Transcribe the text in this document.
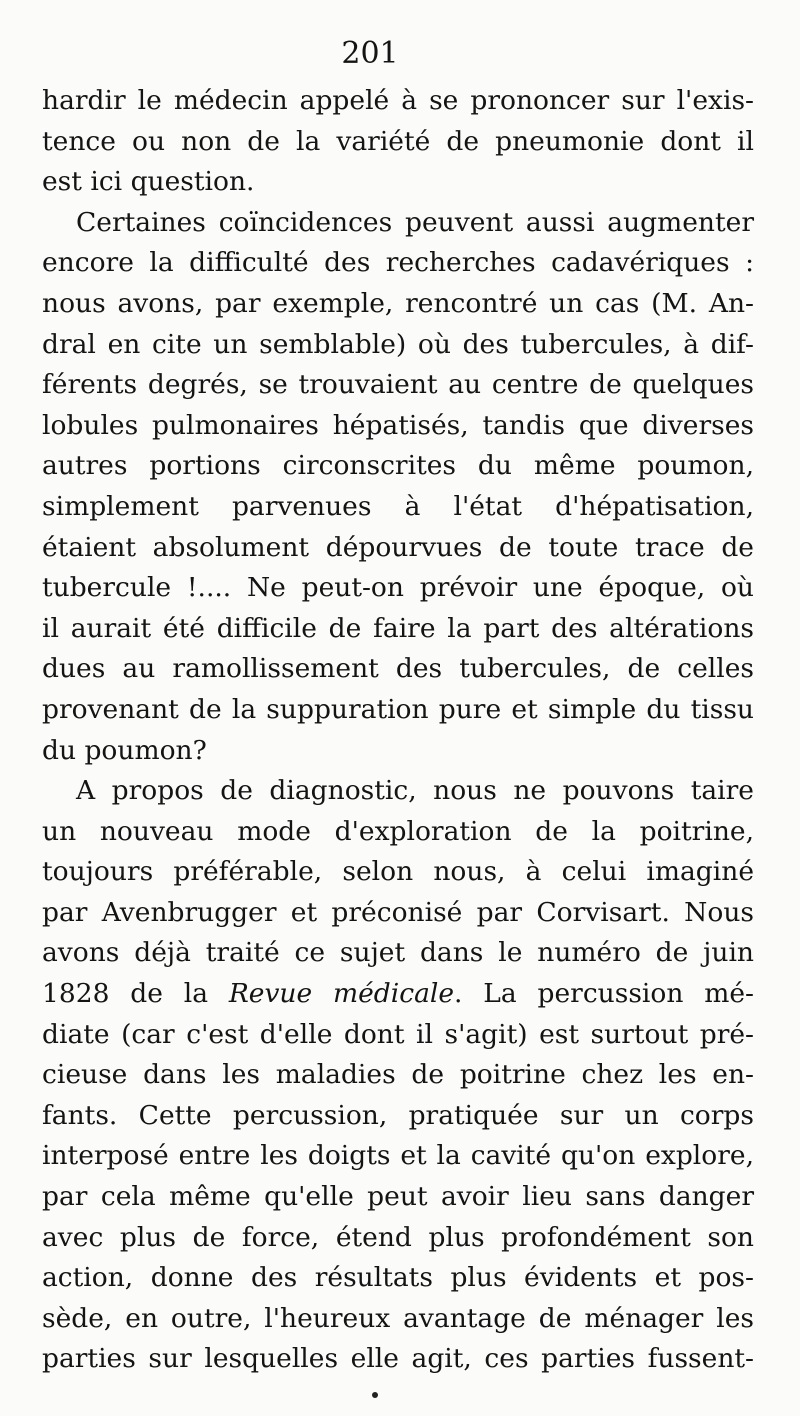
201
hardir le médecin appelé à se prononcer sur l'exis-
tence ou non de la variété de pneumonie dont il
est ici question.
Certaines coïncidences peuvent aussi augmenter
encore la difficulté des recherches cadavériques :
nous avons, par exemple, rencontré un cas (M. An-
dral en cite un semblable) où des tubercules, à dif-
férents degrés, se trouvaient au centre de quelques
lobules pulmonaires hépatisés, tandis que diverses
autres portions circonscrites du même poumon,
simplement parvenues à l'état d'hépatisation,
étaient absolument dépourvues de toute trace de
tubercule !.... Ne peut-on prévoir une époque, où
il aurait été difficile de faire la part des altérations
dues au ramollissement des tubercules, de celles
provenant de la suppuration pure et simple du tissu
du poumon?
A propos de diagnostic, nous ne pouvons taire
un nouveau mode d'exploration de la poitrine,
toujours préférable, selon nous, à celui imaginé
par Avenbrugger et préconisé par Corvisart. Nous
avons déjà traité ce sujet dans le numéro de juin
1828 de la Revue médicale. La percussion mé-
diate (car c'est d'elle dont il s'agit) est surtout pré-
cieuse dans les maladies de poitrine chez les en-
fants. Cette percussion, pratiquée sur un corps
interposé entre les doigts et la cavité qu'on explore,
par cela même qu'elle peut avoir lieu sans danger
avec plus de force, étend plus profondément son
action, donne des résultats plus évidents et pos-
sède, en outre, l'heureux avantage de ménager les
parties sur lesquelles elle agit, ces parties fussent-
